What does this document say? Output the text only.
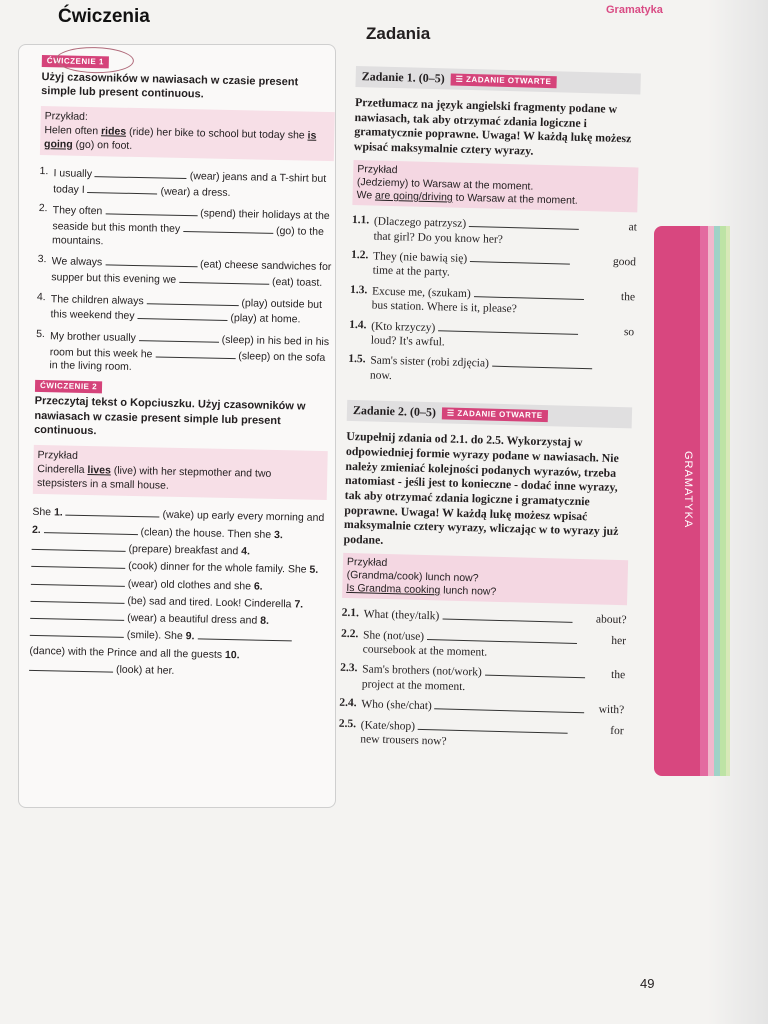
Gramatyka
GRAMATYKA
Ćwiczenia
ĆWICZENIE 1
Użyj czasowników w nawiasach w czasie present simple lub present continuous.
Przykład:
Helen often rides (ride) her bike to school but today she is going (go) on foot.
1. I usually	(wear) jeans and a T-shirt but today I	(wear) a dress.
2. They often	(spend) their holidays at the seaside but this month they	(go) to the mountains.
3. We always	(eat) cheese sandwiches for supper but this evening we	(eat) toast.
4. The children always	(play) outside but this weekend they	(play) at home.
5. My brother usually	(sleep) in his bed in his room but this week he	(sleep) on the sofa in the living room.
ĆWICZENIE 2
Przeczytaj tekst o Kopciuszku. Użyj czasowników w nawiasach w czasie present simple lub present continuous.
Przykład
Cinderella lives (live) with her stepmother and two stepsisters in a small house.
She 1.	(wake) up early every morning and 2.	(clean) the house. Then she 3.  (prepare) breakfast and 4.  (cook) dinner for the whole family. She 5.  (wear) old clothes and she 6.  (be) sad and tired. Look! Cinderella 7.  (wear) a beautiful dress and 8.  (smile). She 9.  (dance) with the Prince and all the guests 10.  (look) at her.
Zadania
Zadanie 1. (0–5)	☰ ZADANIE OTWARTE
Przetłumacz na język angielski fragmenty podane w nawiasach, tak aby otrzymać zdania logiczne i gramatycznie poprawne. Uwaga! W każdą lukę możesz wpisać maksymalnie cztery wyrazy.
Przykład
(Jedziemy) to Warsaw at the moment.
We are going/driving to Warsaw at the moment.
1.1. (Dlaczego patrzysz)	at

that girl? Do you know her?
1.2. They (nie bawią się)	good

time at the party.
1.3. Excuse me, (szukam)	the

bus station. Where is it, please?
1.4. (Kto krzyczy)	so

loud? It's awful.
1.5. Sam's sister (robi zdjęcia)
now.
Zadanie 2. (0–5)	☰ ZADANIE OTWARTE
Uzupełnij zdania od 2.1. do 2.5. Wykorzystaj w odpowiedniej formie wyrazy podane w nawiasach. Nie należy zmieniać kolejności podanych wyrazów, trzeba natomiast - jeśli jest to konieczne - dodać inne wyrazy, tak aby otrzymać zdania logiczne i gramatycznie poprawne. Uwaga! W każdą lukę możesz wpisać maksymalnie cztery wyrazy, wliczając w to wyrazy już podane.
Przykład
(Grandma/cook) lunch now?
Is Grandma cooking lunch now?
2.1. What (they/talk)	about?
2.2. She (not/use)	her

coursebook at the moment.
2.3. Sam's brothers (not/work)	the

project at the moment.
2.4. Who (she/chat)	with?
2.5. (Kate/shop)	for

new trousers now?
49
